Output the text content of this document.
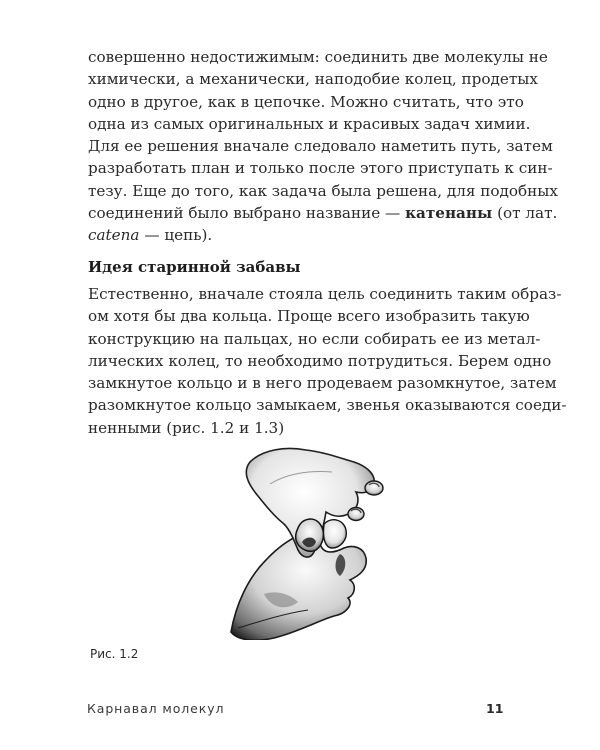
совершенно недостижимым: соединить две молекулы не
химически, а механически, наподобие колец, продетых
одно в другое, как в цепочке. Можно считать, что это
одна из самых оригинальных и красивых задач химии.
Для ее решения вначале следовало наметить путь, затем
разработать план и только после этого приступать к син-
тезу. Еще до того, как задача была решена, для подобных
соединений было выбрано название — катенаны (от лат.
catena — цепь).

Идея старинной забавы

Естественно, вначале стояла цель соединить таким образ-
ом хотя бы два кольца. Проще всего изобразить такую
конструкцию на пальцах, но если собирать ее из метал-
лических колец, то необходимо потрудиться. Берем одно
замкнутое кольцо и в него продеваем разомкнутое, затем
разомкнутое кольцо замыкаем, звенья оказываются соеди-
ненными (рис. 1.2 и 1.3)

Рис. 1.2

Карнавал молекул	11
